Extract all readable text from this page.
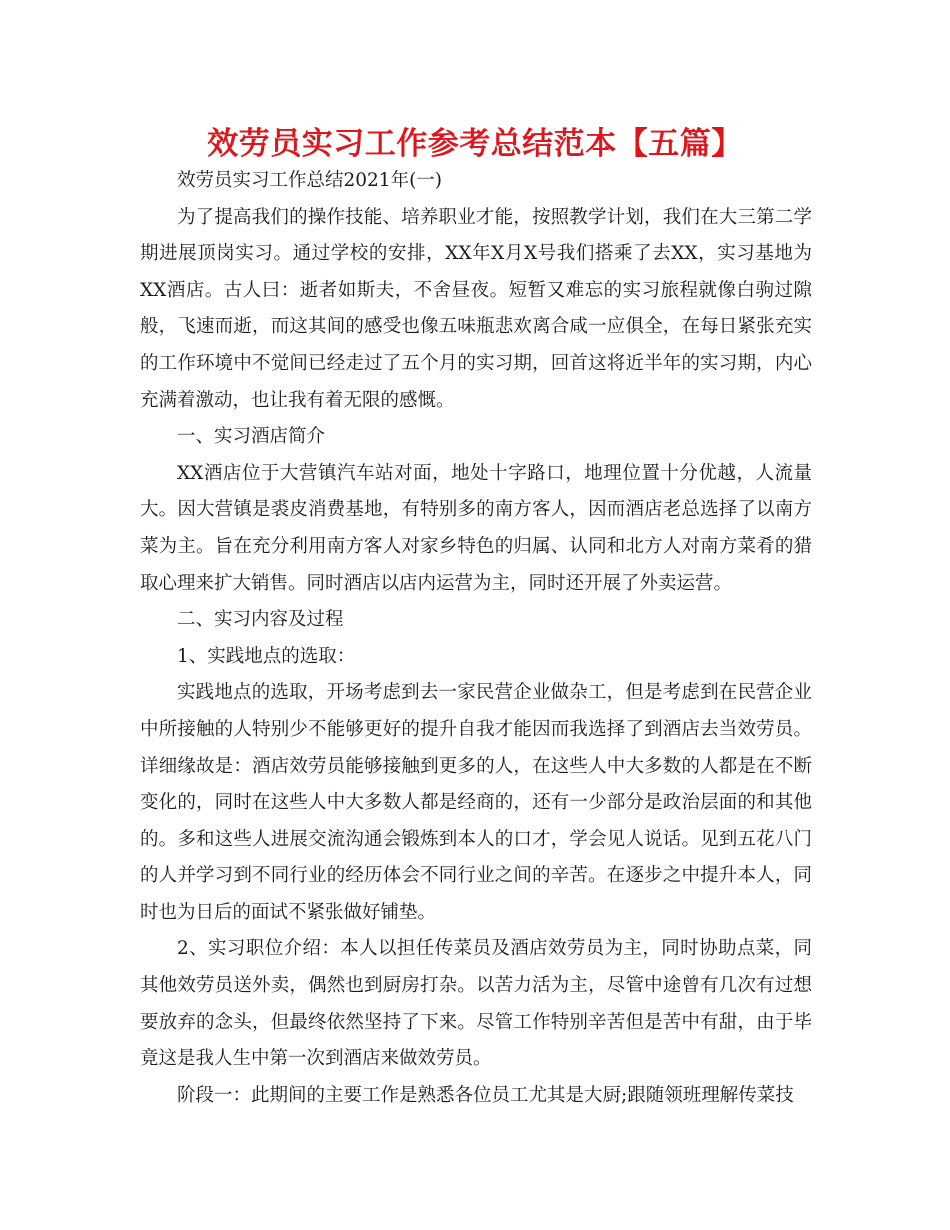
效劳员实习工作参考总结范本【五篇】

效劳员实习工作总结2021年(一)

为了提高我们的操作技能、培养职业才能，按照教学计划，我们在大三第二学期进展顶岗实习。通过学校的安排，XX年X月X号我们搭乘了去XX，实习基地为XX酒店。古人曰：逝者如斯夫，不舍昼夜。短暂又难忘的实习旅程就像白驹过隙般，飞速而逝，而这其间的感受也像五味瓶悲欢离合咸一应俱全，在每日紧张充实的工作环境中不觉间已经走过了五个月的实习期，回首这将近半年的实习期，内心充满着激动，也让我有着无限的感慨。

一、实习酒店简介

XX酒店位于大营镇汽车站对面，地处十字路口，地理位置十分优越，人流量大。因大营镇是裘皮消费基地，有特别多的南方客人，因而酒店老总选择了以南方菜为主。旨在充分利用南方客人对家乡特色的归属、认同和北方人对南方菜肴的猎取心理来扩大销售。同时酒店以店内运营为主，同时还开展了外卖运营。

二、实习内容及过程

1、实践地点的选取：

实践地点的选取，开场考虑到去一家民营企业做杂工，但是考虑到在民营企业中所接触的人特别少不能够更好的提升自我才能因而我选择了到酒店去当效劳员。详细缘故是：酒店效劳员能够接触到更多的人，在这些人中大多数的人都是在不断变化的，同时在这些人中大多数人都是经商的，还有一少部分是政治层面的和其他的。多和这些人进展交流沟通会锻炼到本人的口才，学会见人说话。见到五花八门的人并学习到不同行业的经历体会不同行业之间的辛苦。在逐步之中提升本人，同时也为日后的面试不紧张做好铺垫。

2、实习职位介绍：本人以担任传菜员及酒店效劳员为主，同时协助点菜，同其他效劳员送外卖，偶然也到厨房打杂。以苦力活为主，尽管中途曾有几次有过想要放弃的念头，但最终依然坚持了下来。尽管工作特别辛苦但是苦中有甜，由于毕竟这是我人生中第一次到酒店来做效劳员。

阶段一：此期间的主要工作是熟悉各位员工尤其是大厨;跟随领班理解传菜技
